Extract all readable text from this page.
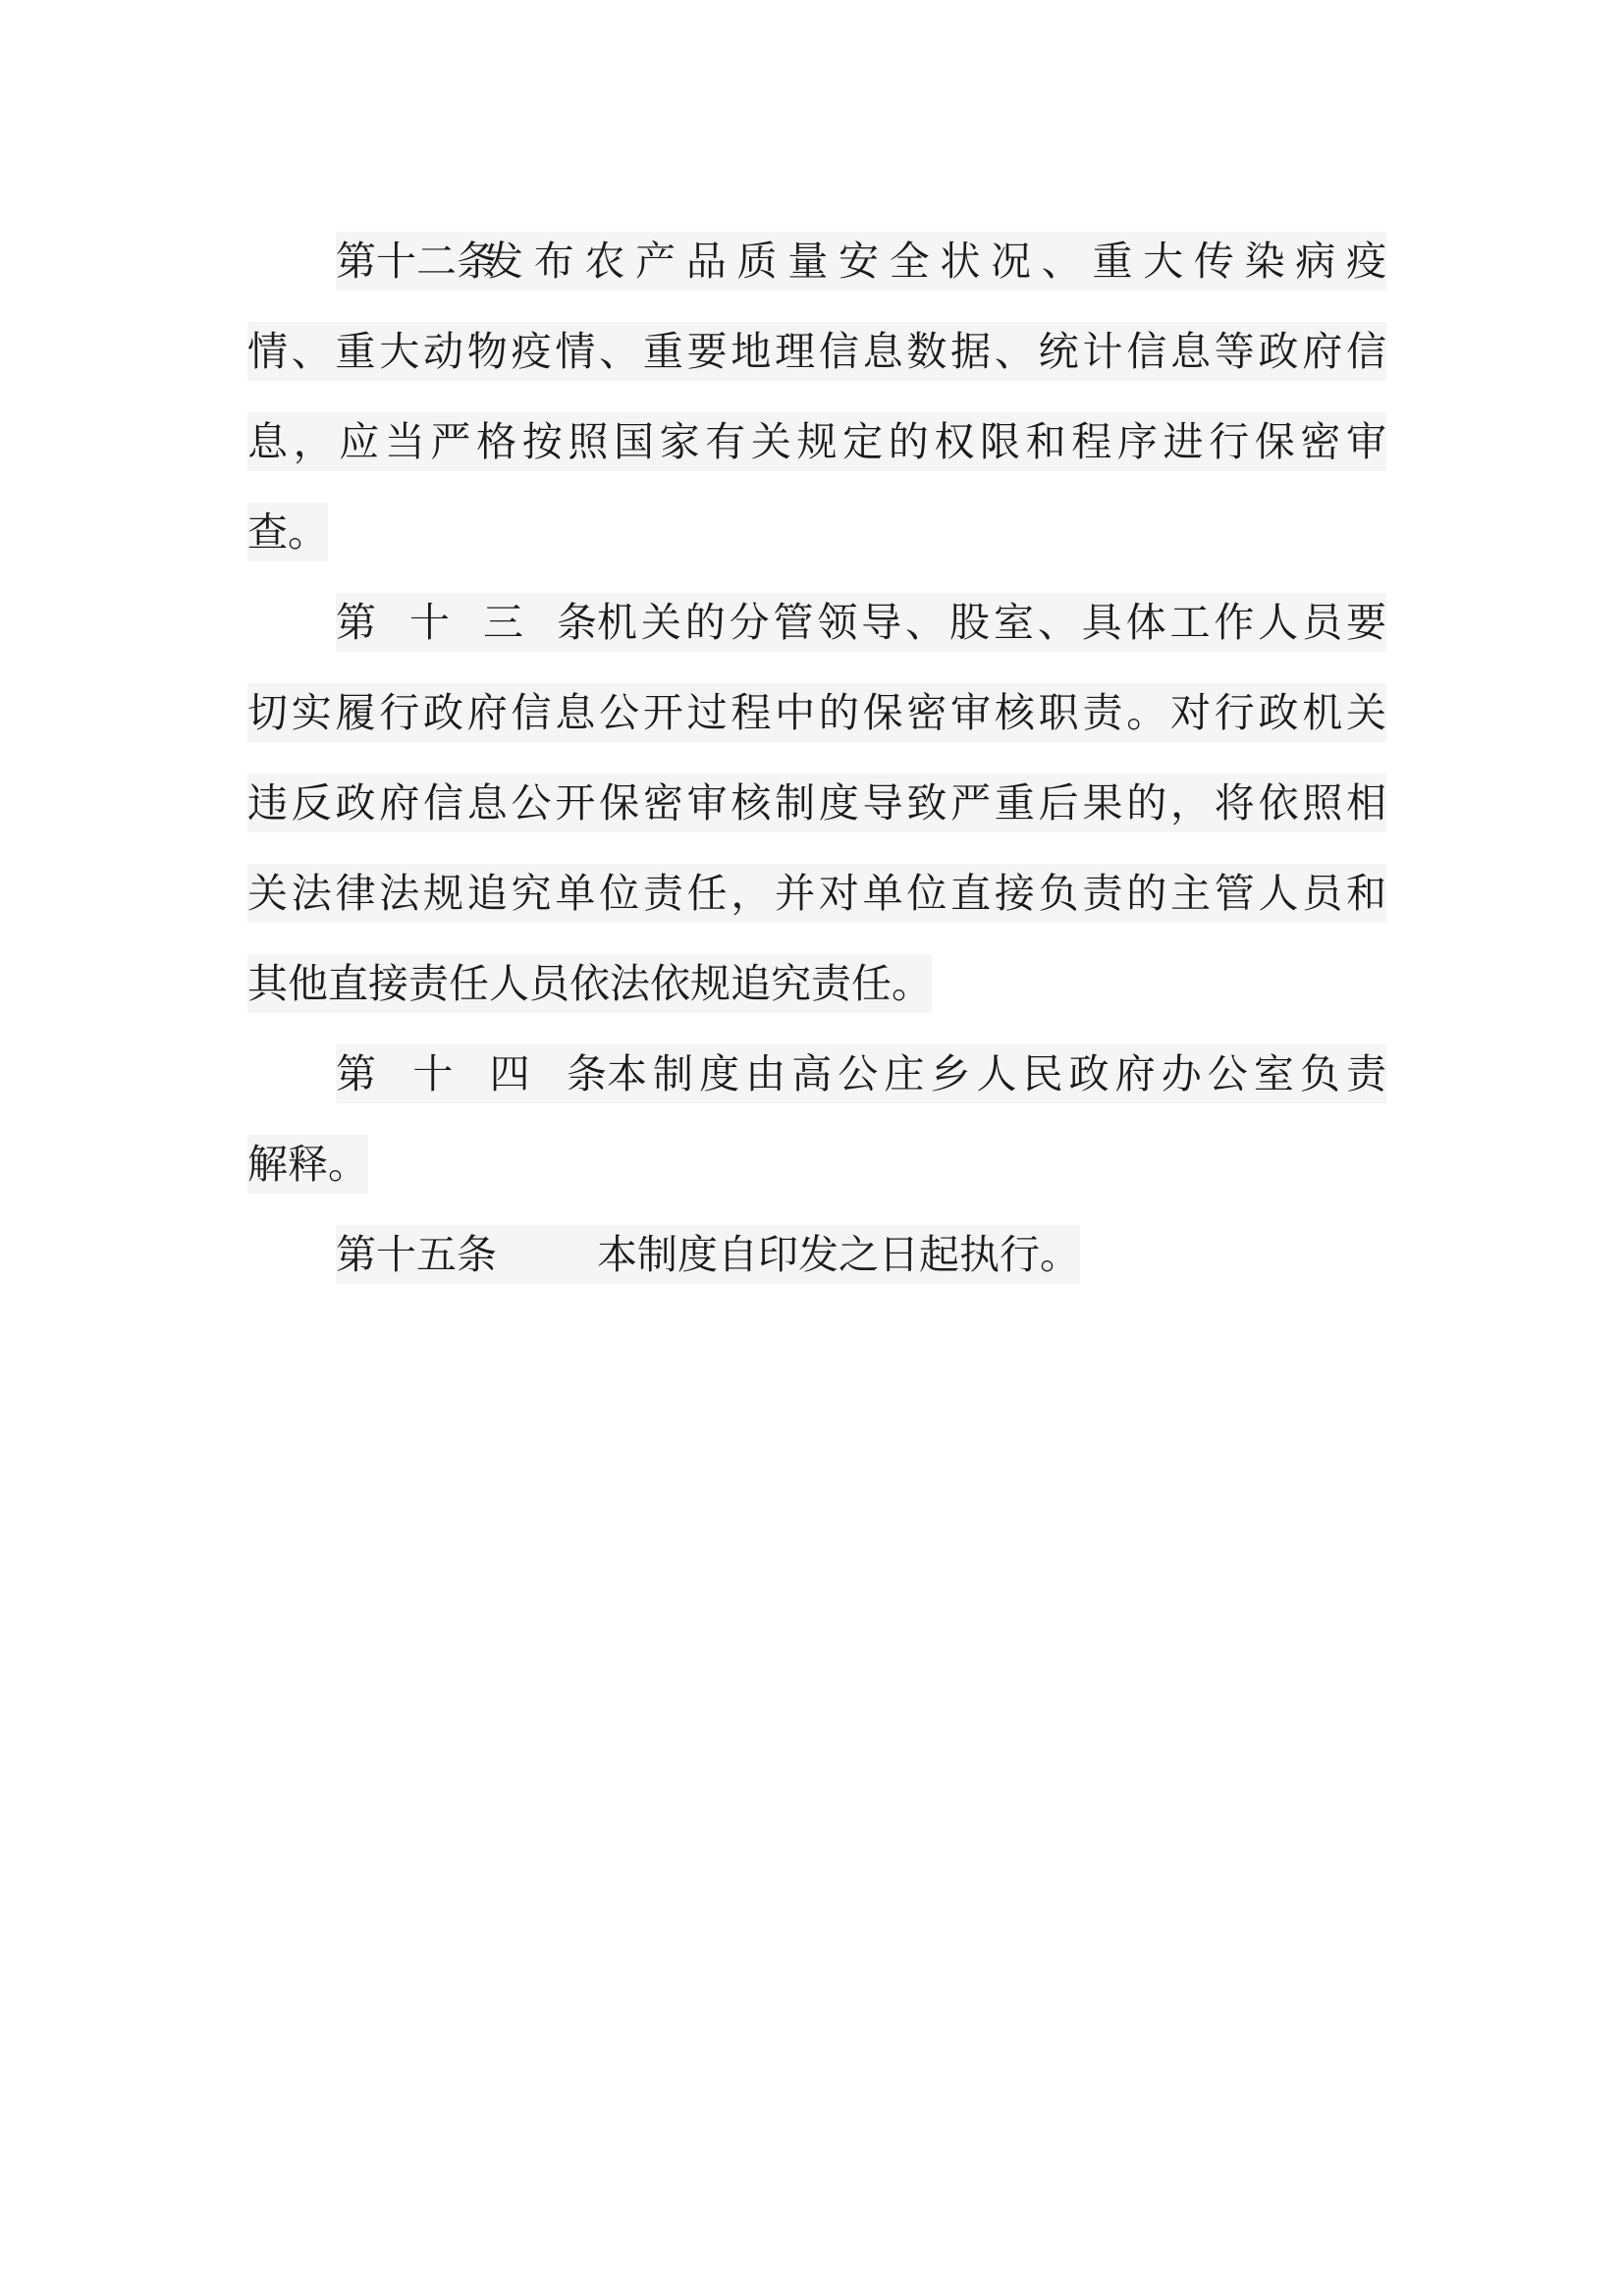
第十二条发布农产品质量安全状况、重大传染病疫
情、重大动物疫情、重要地理信息数据、统计信息等政府信
息，应当严格按照国家有关规定的权限和程序进行保密审
查。
第十三条机关的分管领导、股室、具体工作人员要
切实履行政府信息公开过程中的保密审核职责。对行政机关
违反政府信息公开保密审核制度导致严重后果的，将依照相
关法律法规追究单位责任，并对单位直接负责的主管人员和
其他直接责任人员依法依规追究责任。
第十四条本制度由高公庄乡人民政府办公室负责
解释。
第十五条 本制度自印发之日起执行。
